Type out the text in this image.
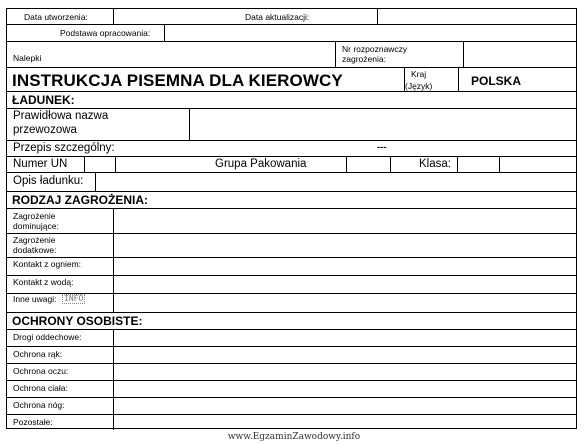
Data utworzenia:	Data aktualizacji:
Podstawa opracowania:
Nalepki
Nr rozpoznawczy
zagrożenia:
INSTRUKCJA PISEMNA DLA KIEROWCY	Kraj
(Język)	POLSKA
ŁADUNEK:
Prawidłowa nazwa
przewozowa
Przepis szczególny:	---
Numer UN	Grupa Pakowania	Klasa:
Opis ładunku:
RODZAJ ZAGROŻENIA:
Zagrożenie
dominujące:
Zagrożenie
dodatkowe:
Kontakt z ogniem:
Kontakt z wodą:
Inne uwagi: INFO
OCHRONY OSOBISTE:
Drogi oddechowe:
Ochrona rąk:
Ochrona oczu:
Ochrona ciała:
Ochrona nóg:
Pozostałe:
www.EgzaminZawodowy.info
